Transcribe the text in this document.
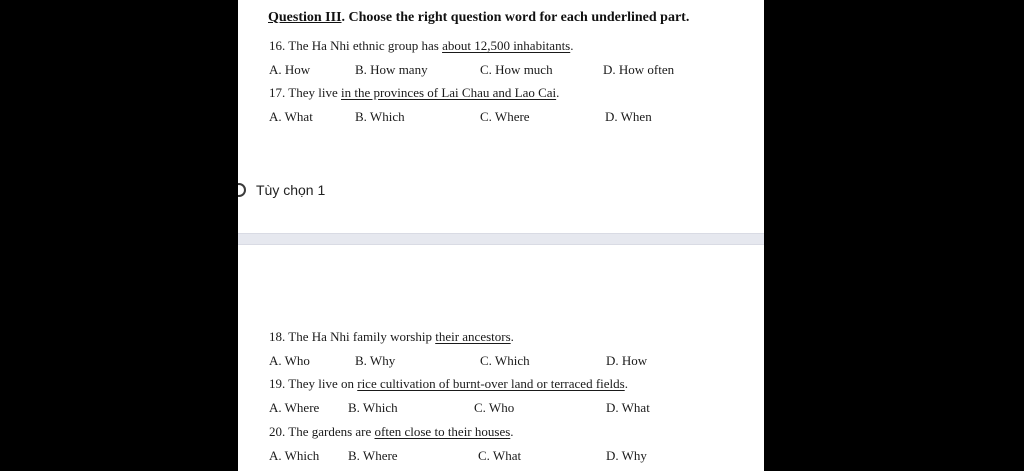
Question III. Choose the right question word for each underlined part.
16. The Ha Nhi ethnic group has about 12,500 inhabitants.
A. How	B. How many	C. How much	D. How often
17. They live in the provinces of Lai Chau and Lao Cai.
A. What	B. Which	C. Where	D. When
Tùy chọn 1
18. The Ha Nhi family worship their ancestors.
A. Who	B. Why	C. Which	D. How
19. They live on rice cultivation of burnt-over land or terraced fields.
A. Where B. Which	C. Who	D. What
20. The gardens are often close to their houses.
A. Which B. Where	C. What	D. Why
